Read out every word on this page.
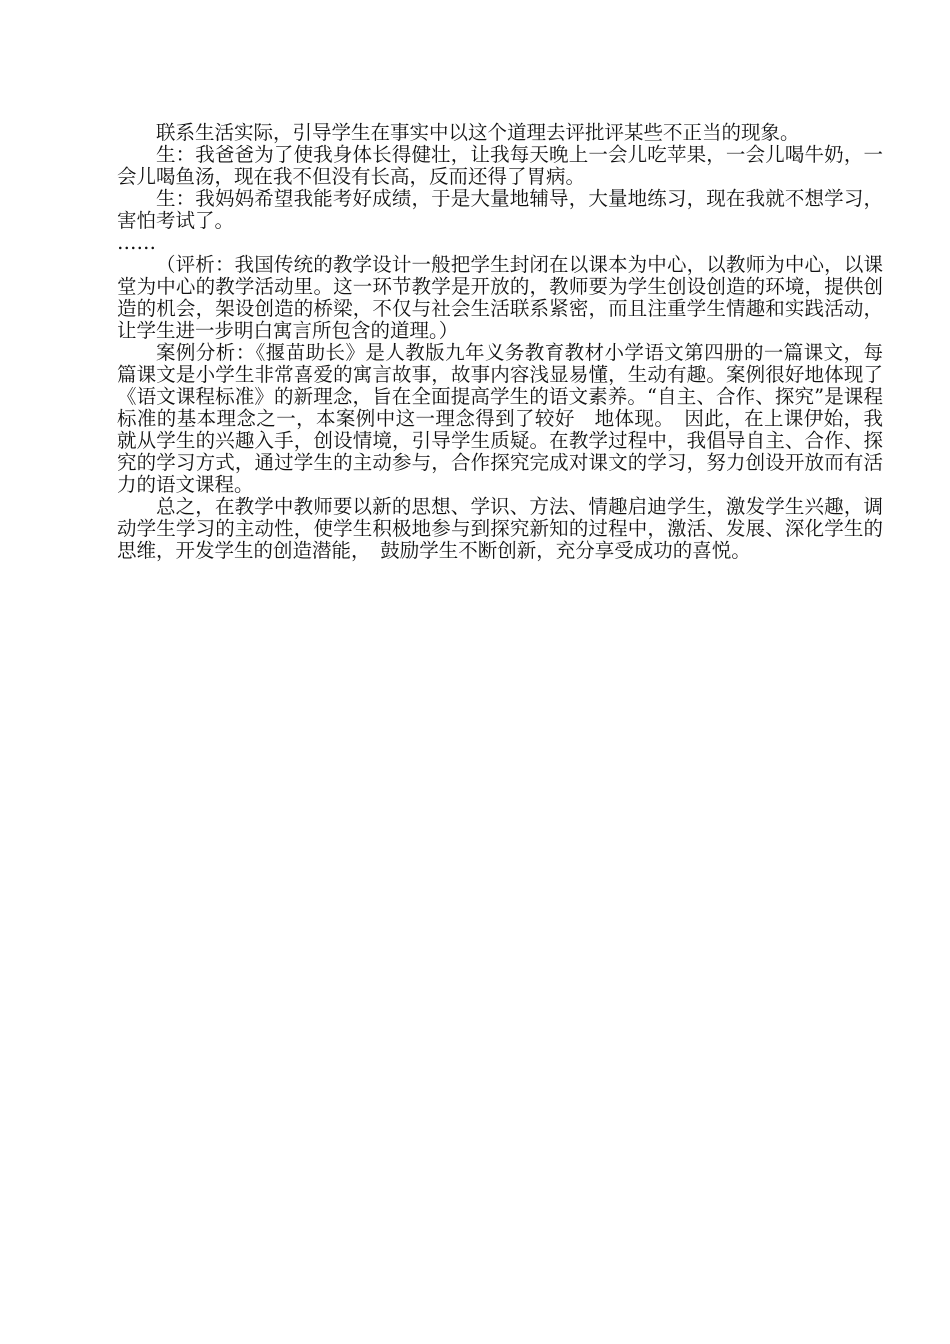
联系生活实际，引导学生在事实中以这个道理去评批评某些不正当的现象。

生：我爸爸为了使我身体长得健壮，让我每天晚上一会儿吃苹果，一会儿喝牛奶，一会儿喝鱼汤，现在我不但没有长高，反而还得了胃病。

生：我妈妈希望我能考好成绩，于是大量地辅导，大量地练习，现在我就不想学习，害怕考试了。

……

（评析：我国传统的教学设计一般把学生封闭在以课本为中心，以教师为中心，以课堂为中心的教学活动里。这一环节教学是开放的，教师要为学生创设创造的环境，提供创造的机会，架设创造的桥梁，不仅与社会生活联系紧密，而且注重学生情趣和实践活动，让学生进一步明白寓言所包含的道理。）

案例分析：《揠苗助长》是人教版九年义务教育教材小学语文第四册的一篇课文，每篇课文是小学生非常喜爱的寓言故事，故事内容浅显易懂，生动有趣。案例很好地体现了《语文课程标准》的新理念，旨在全面提高学生的语文素养。“自主、合作、探究”是课程标准的基本理念之一，本案例中这一理念得到了较好　地体现。　因此，在上课伊始，我就从学生的兴趣入手，创设情境，引导学生质疑。在教学过程中，我倡导自主、合作、探究的学习方式，通过学生的主动参与，合作探究完成对课文的学习，努力创设开放而有活力的语文课程。

总之，在教学中教师要以新的思想、学识、方法、情趣启迪学生，激发学生兴趣，调动学生学习的主动性，使学生积极地参与到探究新知的过程中，激活、发展、深化学生的思维，开发学生的创造潜能，　鼓励学生不断创新，充分享受成功的喜悦。
